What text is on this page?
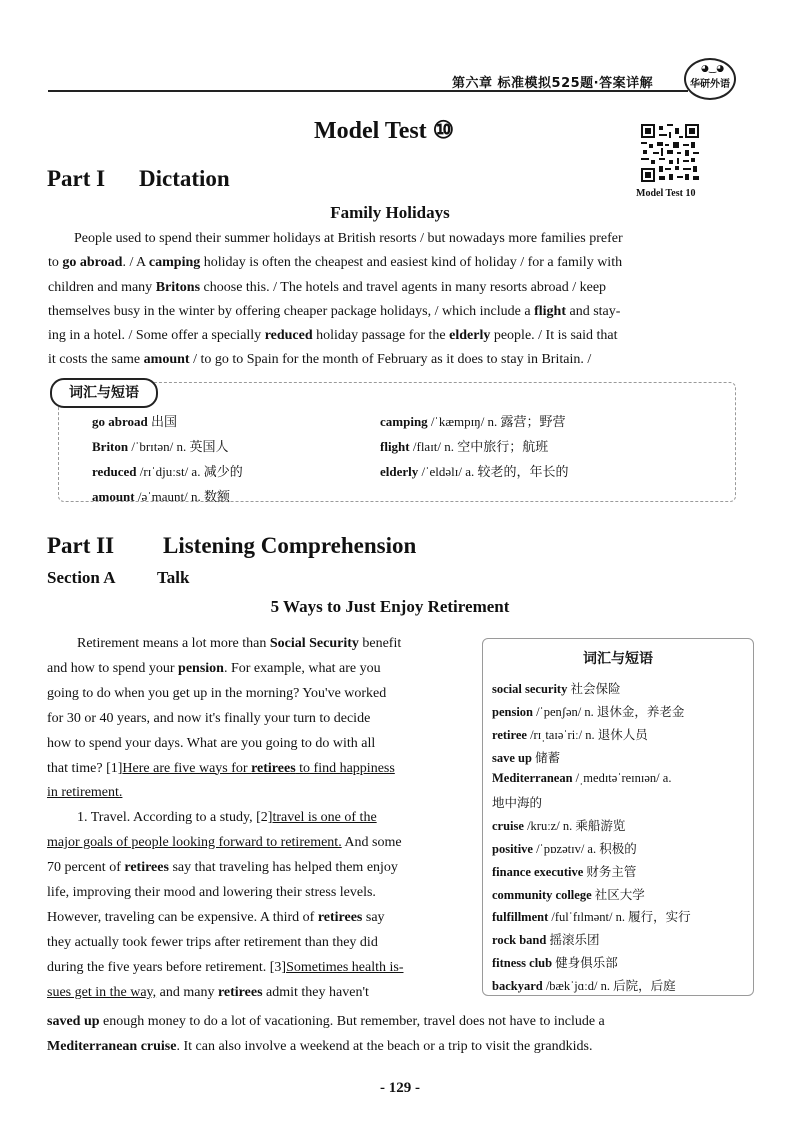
第六章 标准模拟525题·答案详解
◕‿◕
华研外语
Model Test ⑩
Model Test 10
Part I Dictation
Family Holidays
People used to spend their summer holidays at British resorts / but nowadays more families prefer
to go abroad. / A camping holiday is often the cheapest and easiest kind of holiday / for a family with
children and many Britons choose this. / The hotels and travel agents in many resorts abroad / keep
themselves busy in the winter by offering cheaper package holidays, / which include a flight and stay-
ing in a hotel. / Some offer a specially reduced holiday passage for the elderly people. / It is said that
it costs the same amount / to go to Spain for the month of February as it does to stay in Britain. /
词汇与短语
go abroad 出国
Briton /ˈbrɪtən/ n. 英国人
reduced /rɪˈdjuːst/ a. 减少的
amount /əˈmaunt/ n. 数额
camping /ˈkæmpɪŋ/ n. 露营；野营
flight /flaɪt/ n. 空中旅行；航班
elderly /ˈeldəlɪ/ a. 较老的，年长的
Part II Listening Comprehension
Section A Talk
5 Ways to Just Enjoy Retirement
Retirement means a lot more than Social Security benefit
and how to spend your pension. For example, what are you
going to do when you get up in the morning? You've worked
for 30 or 40 years, and now it's finally your turn to decide
how to spend your days. What are you going to do with all
that time? [1]Here are five ways for retirees to find happiness
in retirement.
1. Travel. According to a study, [2]travel is one of the
major goals of people looking forward to retirement. And some
70 percent of retirees say that traveling has helped them enjoy
life, improving their mood and lowering their stress levels.
However, traveling can be expensive. A third of retirees say
they actually took fewer trips after retirement than they did
during the five years before retirement. [3]Sometimes health is-
sues get in the way, and many retirees admit they haven't
词汇与短语
social security 社会保险
pension /ˈpenʃən/ n. 退休金，养老金
retiree /rɪˌtaɪəˈriː/ n. 退休人员
save up 储蓄
Mediterranean /ˌmedɪtəˈreɪnɪən/ a.
地中海的
cruise /kruːz/ n. 乘船游览
positive /ˈpɒzətɪv/ a. 积极的
finance executive 财务主管
community college 社区大学
fulfillment /fulˈfɪlmənt/ n. 履行，实行
rock band 摇滚乐团
fitness club 健身俱乐部
backyard /bækˈjɑːd/ n. 后院，后庭
saved up enough money to do a lot of vacationing. But remember, travel does not have to include a
Mediterranean cruise. It can also involve a weekend at the beach or a trip to visit the grandkids.
- 129 -
